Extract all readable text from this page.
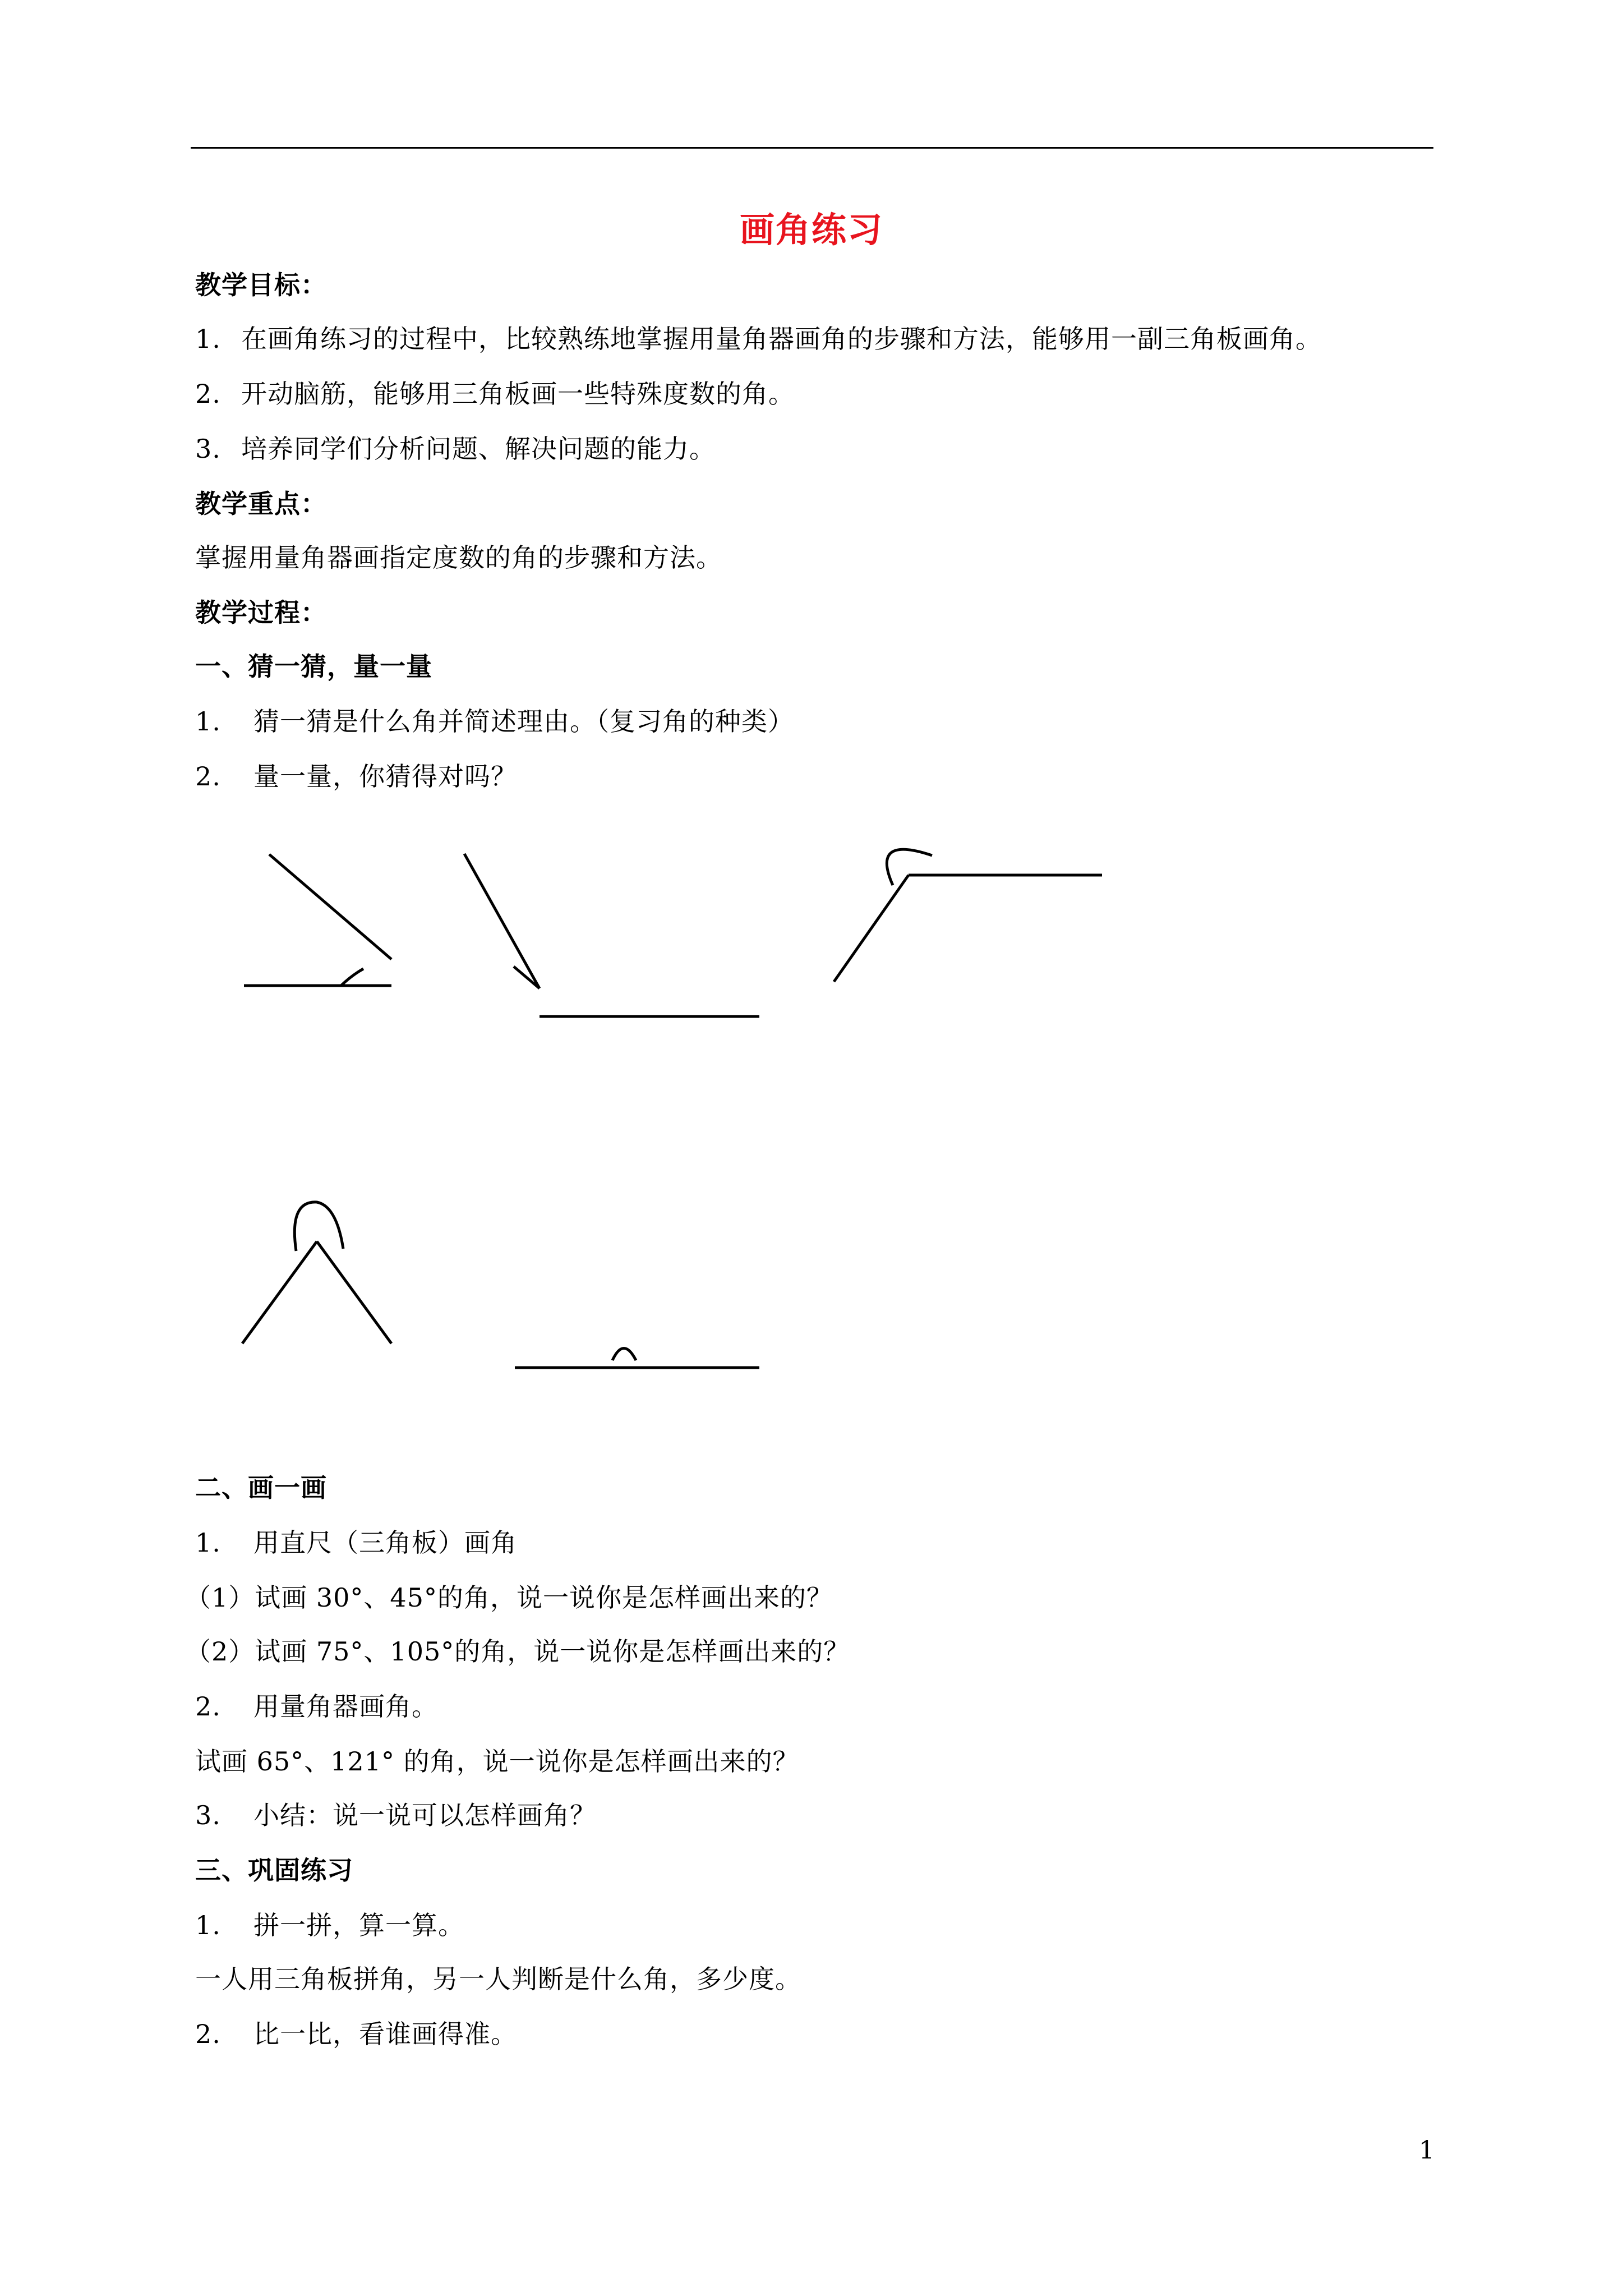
画角练习
教学目标：
1. 在画角练习的过程中，比较熟练地掌握用量角器画角的步骤和方法，能够用一副三角板画角。
2. 开动脑筋，能够用三角板画一些特殊度数的角。
3. 培养同学们分析问题、解决问题的能力。
教学重点：
掌握用量角器画指定度数的角的步骤和方法。
教学过程：
一、猜一猜，量一量
1. 猜一猜是什么角并简述理由。（复习角的种类）
2. 量一量，你猜得对吗？
二、画一画
1. 用直尺（三角板）画角
（1）试画 30°、45°的角，说一说你是怎样画出来的？
（2）试画 75°、105°的角，说一说你是怎样画出来的？
2. 用量角器画角。
试画 65°、121° 的角，说一说你是怎样画出来的？
3. 小结：说一说可以怎样画角？
三、巩固练习
1. 拼一拼，算一算。
一人用三角板拼角，另一人判断是什么角，多少度。
2. 比一比，看谁画得准。
1
